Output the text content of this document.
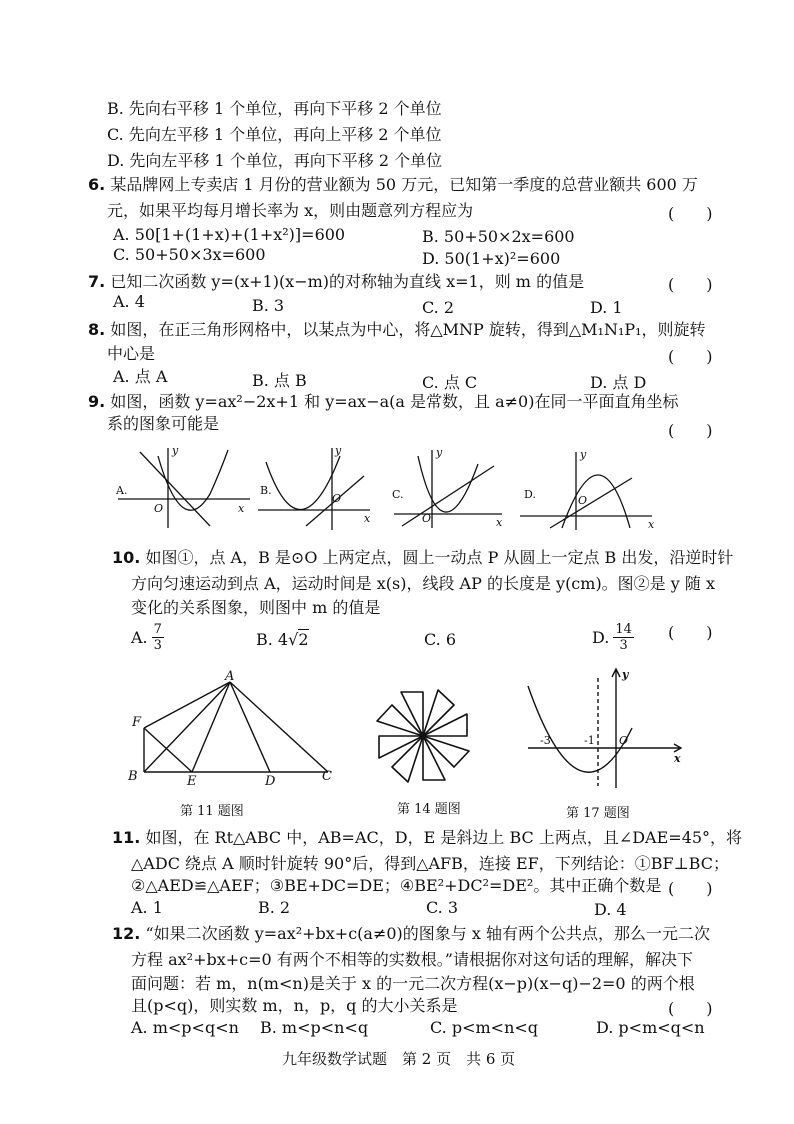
B. 先向右平移 1 个单位，再向下平移 2 个单位
C. 先向左平移 1 个单位，再向上平移 2 个单位
D. 先向左平移 1 个单位，再向下平移 2 个单位
6. 某品牌网上专卖店 1 月份的营业额为 50 万元，已知第一季度的总营业额共 600 万
元，如果平均每月增长率为 x，则由题意列方程应为	(　　)
A. 50[1+(1+x)+(1+x²)]=600	B. 50+50×2x=600
C. 50+50×3x=600	D. 50(1+x)²=600
7. 已知二次函数 y=(x+1)(x−m)的对称轴为直线 x=1，则 m 的值是	(　　)
A. 4	B. 3	C. 2	D. 1
8. 如图，在正三角形网格中，以某点为中心，将△MNP 旋转，得到△M₁N₁P₁，则旋转
中心是	(　　)
A. 点 A	B. 点 B	C. 点 C	D. 点 D
9. 如图，函数 y=ax²−2x+1 和 y=ax−a(a 是常数，且 a≠0)在同一平面直角坐标
系的图象可能是	(　　)
A.
y
x
O
B.
y
x
O	C.
y
x
O
D.
y
x
O
10. 如图①，点 A，B 是⊙O 上两定点，圆上一动点 P 从圆上一定点 B 出发，沿逆时针
方向匀速运动到点 A，运动时间是 x(s)，线段 AP 的长度是 y(cm)。图②是 y 随 x
变化的关系图象，则图中 m 的值是
(　　)
A. $\frac{7}{3}$	B. 4√2	C. 6	D. $\frac{14}{3}$
A
F
B	E	D	C
第 11 题图	第 14 题图
y
x
O
-3	-1
第 17 题图
11. 如图，在 Rt△ABC 中，AB=AC，D，E 是斜边上 BC 上两点，且∠DAE=45°，将
△ADC 绕点 A 顺时针旋转 90°后，得到△AFB，连接 EF，下列结论：①BF⊥BC；
②△AED≌△AEF；③BE+DC=DE；④BE²+DC²=DE²。其中正确个数是 (　　)
A. 1	B. 2	C. 3	D. 4
12. “如果二次函数 y=ax²+bx+c(a≠0)的图象与 x 轴有两个公共点，那么一元二次
方程 ax²+bx+c=0 有两个不相等的实数根。”请根据你对这句话的理解，解决下
面问题：若 m，n(m<n)是关于 x 的一元二次方程(x−p)(x−q)−2=0 的两个根
且(p<q)，则实数 m，n，p，q 的大小关系是	(　　)
A. m<p<q<n B. m<p<n<q	C. p<m<n<q	D. p<m<q<n
九年级数学试题　第 2 页　共 6 页
